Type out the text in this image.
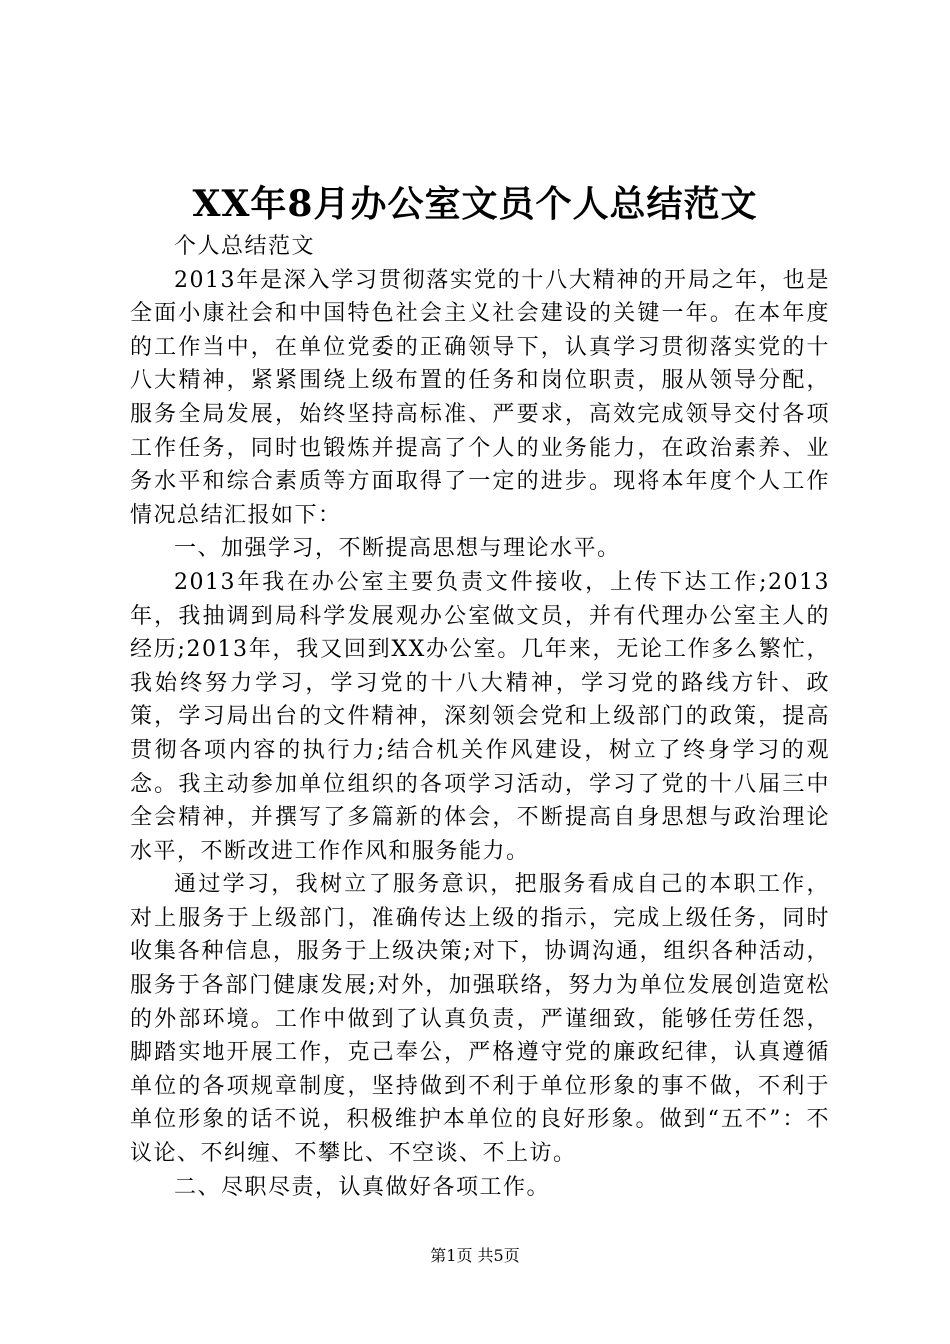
XX年8月办公室文员个人总结范文

个人总结范文

2013年是深入学习贯彻落实党的十八大精神的开局之年，也是全面小康社会和中国特色社会主义社会建设的关键一年。在本年度的工作当中，在单位党委的正确领导下，认真学习贯彻落实党的十八大精神，紧紧围绕上级布置的任务和岗位职责，服从领导分配，服务全局发展，始终坚持高标准、严要求，高效完成领导交付各项工作任务，同时也锻炼并提高了个人的业务能力，在政治素养、业务水平和综合素质等方面取得了一定的进步。现将本年度个人工作情况总结汇报如下：

一、加强学习，不断提高思想与理论水平。

2013年我在办公室主要负责文件接收，上传下达工作;2013年，我抽调到局科学发展观办公室做文员，并有代理办公室主人的经历;2013年，我又回到XX办公室。几年来，无论工作多么繁忙，我始终努力学习，学习党的十八大精神，学习党的路线方针、政策，学习局出台的文件精神，深刻领会党和上级部门的政策，提高贯彻各项内容的执行力;结合机关作风建设，树立了终身学习的观念。我主动参加单位组织的各项学习活动，学习了党的十八届三中全会精神，并撰写了多篇新的体会，不断提高自身思想与政治理论水平，不断改进工作作风和服务能力。

通过学习，我树立了服务意识，把服务看成自己的本职工作，对上服务于上级部门，准确传达上级的指示，完成上级任务，同时收集各种信息，服务于上级决策;对下，协调沟通，组织各种活动，服务于各部门健康发展;对外，加强联络，努力为单位发展创造宽松的外部环境。工作中做到了认真负责，严谨细致，能够任劳任怨，脚踏实地开展工作，克己奉公，严格遵守党的廉政纪律，认真遵循单位的各项规章制度，坚持做到不利于单位形象的事不做，不利于单位形象的话不说，积极维护本单位的良好形象。做到“五不”：不议论、不纠缠、不攀比、不空谈、不上访。

二、尽职尽责，认真做好各项工作。

第1页 共5页
